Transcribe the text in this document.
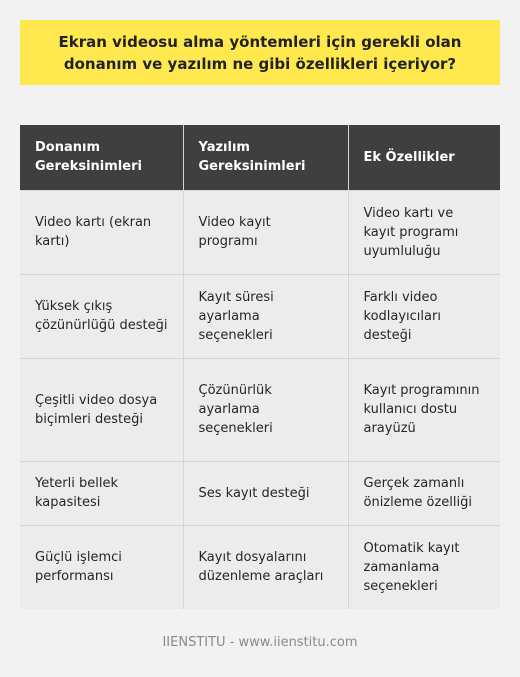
Ekran videosu alma yöntemleri için gerekli olan donanım ve yazılım ne gibi özellikleri içeriyor?
Donanım Gereksinimleri	Yazılım Gereksinimleri	Ek Özellikler
Video kartı (ekran kartı)	Video kayıt programı	Video kartı ve kayıt programı uyumluluğu
Yüksek çıkış çözünürlüğü desteği	Kayıt süresi ayarlama seçenekleri	Farklı video kodlayıcıları desteği
Çeşitli video dosya biçimleri desteği	Çözünürlük ayarlama seçenekleri	Kayıt programının kullanıcı dostu arayüzü
Yeterli bellek kapasitesi	Ses kayıt desteği	Gerçek zamanlı önizleme özelliği
Güçlü işlemci performansı	Kayıt dosyalarını düzenleme araçları	Otomatik kayıt zamanlama seçenekleri
IIENSTITU - www.iienstitu.com
